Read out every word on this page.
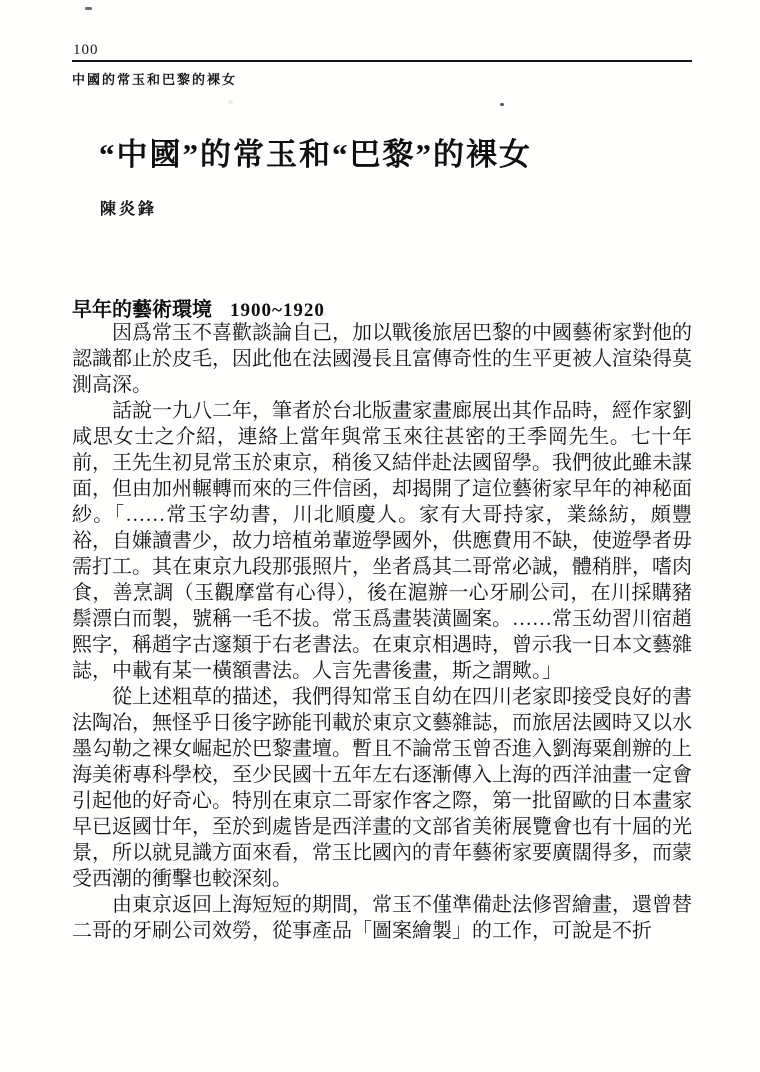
100
中國的常玉和巴黎的裸女
“中國”的常玉和“巴黎”的裸女
陳炎鋒
早年的藝術環境 1900~1920

因爲常玉不喜歡談論自己，加以戰後旅居巴黎的中國藝術家對他的認識都止於皮毛，因此他在法國漫長且富傳奇性的生平更被人渲染得莫測高深。

話說一九八二年，筆者於台北版畫家畫廊展出其作品時，經作家劉咸思女士之介紹，連絡上當年與常玉來往甚密的王季岡先生。七十年前，王先生初見常玉於東京，稍後又結伴赴法國留學。我們彼此雖未謀面，但由加州輾轉而來的三件信函，却揭開了這位藝術家早年的神秘面紗。「……常玉字幼書，川北順慶人。家有大哥持家，業絲紡，頗豐裕，自嫌讀書少，故力培植弟輩遊學國外，供應費用不缺，使遊學者毋需打工。其在東京九段那張照片，坐者爲其二哥常必誠，體稍胖，嗜肉食，善烹調（玉觀摩當有心得），後在滬辦一心牙刷公司，在川採購豬鬃漂白而製，號稱一毛不拔。常玉爲畫裝潢圖案。……常玉幼習川宿趙熙字，稱趙字古邃類于右老書法。在東京相遇時，曾示我一日本文藝雜誌，中載有某一橫額書法。人言先書後畫，斯之謂歟。」

從上述粗草的描述，我們得知常玉自幼在四川老家即接受良好的書法陶冶，無怪乎日後字跡能刊載於東京文藝雜誌，而旅居法國時又以水墨勾勒之裸女崛起於巴黎畫壇。暫且不論常玉曾否進入劉海粟創辦的上海美術專科學校，至少民國十五年左右逐漸傳入上海的西洋油畫一定會引起他的好奇心。特別在東京二哥家作客之際，第一批留歐的日本畫家早已返國廿年，至於到處皆是西洋畫的文部省美術展覽會也有十屆的光景，所以就見識方面來看，常玉比國內的青年藝術家要廣闊得多，而蒙受西潮的衝擊也較深刻。

由東京返回上海短短的期間，常玉不僅準備赴法修習繪畫，還曾替二哥的牙刷公司效勞，從事產品「圖案繪製」的工作，可說是不折
